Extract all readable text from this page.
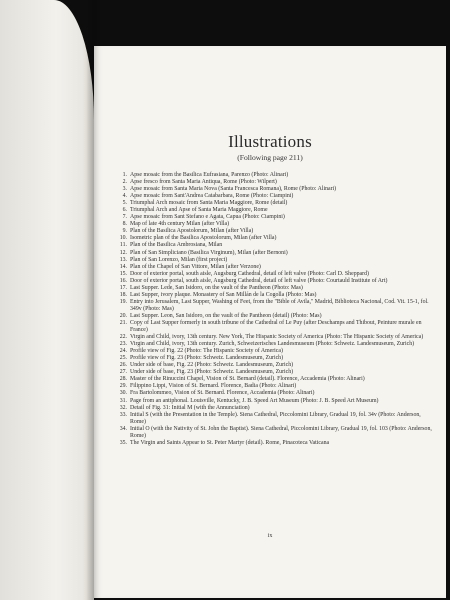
Illustrations
(Following page 211)
1. Apse mosaic from the Basilica Eufrasiana, Parenzo (Photo: Alinari)
2. Apse fresco from Santa Maria Antiqua, Rome (Photo: Wilpert)
3. Apse mosaic from Santa Maria Nova (Santa Francesca Romana), Rome (Photo: Alinari)
4. Apse mosaic from Sant'Andrea Catabarbara, Rome (Photo: Ciampini)
5. Triumphal Arch mosaic from Santa Maria Maggiore, Rome (detail)
6. Triumphal Arch and Apse of Santa Maria Maggiore, Rome
7. Apse mosaic from Sant Stefano e Agata, Capua (Photo: Ciampini)
8. Map of late 4th century Milan (after Villa)
9. Plan of the Basilica Apostolorum, Milan (after Villa)
10. Isometric plan of the Basilica Apostolorum, Milan (after Villa)
11. Plan of the Basilica Ambrosiana, Milan
12. Plan of San Simpliciano (Basilica Virginum), Milan (after Bernoni)
13. Plan of San Lorenzo, Milan (first project)
14. Plan of the Chapel of San Vittore, Milan (after Verzone)
15. Door of exterior portal, south aisle, Augsburg Cathedral, detail of left valve (Photo: Carl D. Sheppard)
16. Door of exterior portal, south aisle, Augsburg Cathedral, detail of left valve (Photo: Courtauld Institute of Art)
17. Last Supper. Lede, San Isidoro, on the vault of the Pantheon (Photo: Mas)
18. Last Supper, ivory plaque. Monastery of San Millán de la Cogolla (Photo: Mas)
19. Entry into Jerusalem, Last Supper, Washing of Feet, from the "Bible of Avila," Madrid, Biblioteca Nacional, Cod. Vit. 15-1, fol. 349v (Photo: Mas)
20. Last Supper. Leon, San Isidoro, on the vault of the Pantheon (detail) (Photo: Mas)
21. Copy of Last Supper formerly in south tribune of the Cathedral of Le Puy (after Deschamps and Thibout, Peinture murale en France)
22. Virgin and Child, ivory, 13th century. New York, The Hispanic Society of America (Photo: The Hispanic Society of America)
23. Virgin and Child, ivory, 13th century. Zurich, Schweizerisches Landesmuseum (Photo: Schweiz. Landesmuseum, Zurich)
24. Profile view of Fig. 22 (Photo: The Hispanic Society of America)
25. Profile view of Fig. 23 (Photo: Schweiz. Landesmuseum, Zurich)
26. Under side of base, Fig. 22 (Photo: Schweiz. Landesmuseum, Zurich)
27. Under side of base, Fig. 23 (Photo: Schweiz. Landesmuseum, Zurich)
28. Master of the Rinuccini Chapel, Vision of St. Bernard (detail). Florence, Accademia (Photo: Alinari)
29. Filippino Lippi, Vision of St. Bernard. Florence, Badia (Photo: Alinari)
30. Fra Bartolommeo, Vision of St. Bernard. Florence, Accademia (Photo: Alinari)
31. Page from an antiphonal. Louisville, Kentucky, J. B. Speed Art Museum (Photo: J. B. Speed Art Museum)
32. Detail of Fig. 31: Initial M (with the Annunciation)
33. Initial S (with the Presentation in the Temple). Siena Cathedral, Piccolomini Library, Gradual 19, fol. 34v (Photo: Anderson, Rome)
34. Initial O (with the Nativity of St. John the Baptist). Siena Cathedral, Piccolomini Library, Gradual 19, fol. 103 (Photo: Anderson, Rome)
35. The Virgin and Saints Appear to St. Peter Martyr (detail). Rome, Pinacoteca Vaticana
ix
